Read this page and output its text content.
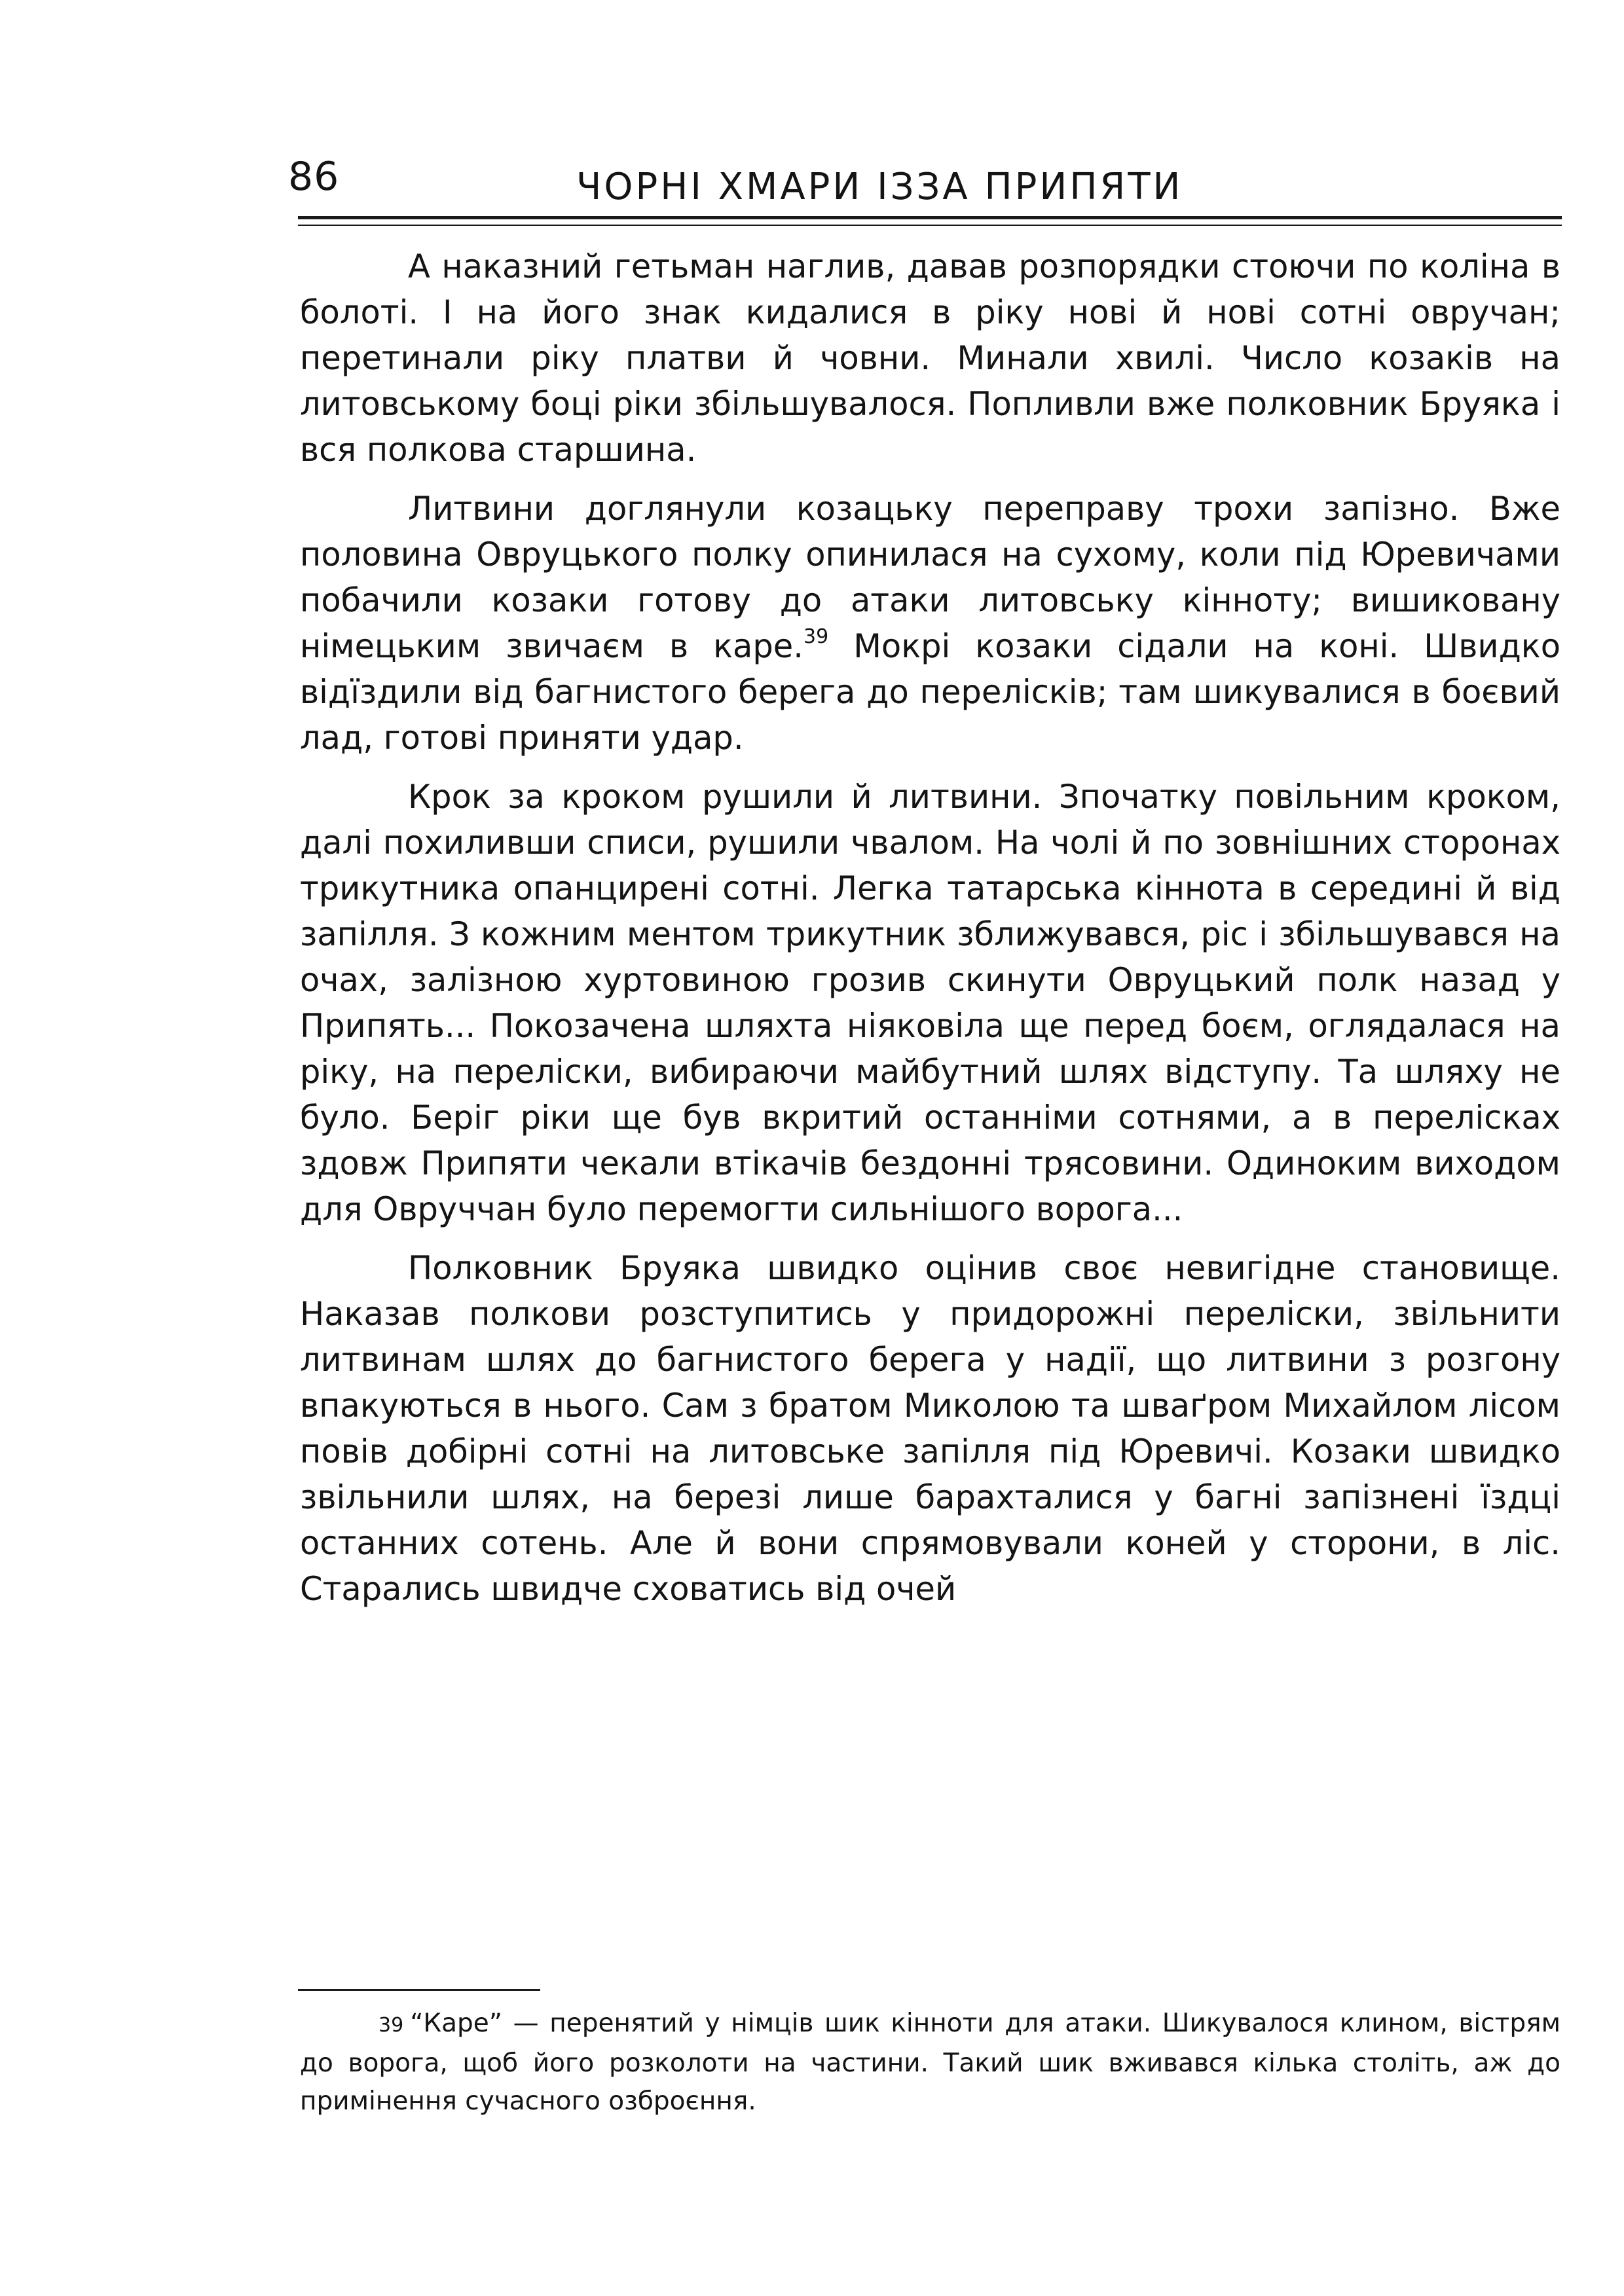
86	ЧОРНІ ХМАРИ ІЗЗА ПРИПЯТИ

А наказний гетьман наглив, давав розпорядки стоючи по коліна в болоті. І на його знак кидалися в ріку нові й нові сотні овручан; перетинали ріку платви й човни. Минали хвилі. Число козаків на литовському боці ріки збільшувалося. Попливли вже полковник Бруяка і вся полкова старшина.

Литвини доглянули козацьку переправу трохи запізно. Вже половина Овруцького полку опинилася на сухому, коли під Юревичами побачили козаки готову до атаки литовську кінноту; вишиковану німецьким звичаєм в каре.$^{39}$ Мокрі козаки сідали на коні. Швидко відїздили від багнистого берега до перелісків; там шикувалися в боєвий лад, готові приняти удар.

Крок за кроком рушили й литвини. Зпочатку повільним кроком, далі похиливши списи, рушили чвалом. На чолі й по зовнішних сторонах трикутника опанцирені сотні. Легка татарська кіннота в середині й від запілля. З кожним ментом трикутник зближувався, ріс і збільшувався на очах, залізною хуртовиною грозив скинути Овруцький полк назад у Припять... Покозачена шляхта ніяковіла ще перед боєм, оглядалася на ріку, на перелiски, вибираючи майбутний шлях відступу. Та шляху не було. Беріг ріки ще був вкритий останніми сотнями, а в перелісках здовж Припяти чекали втікачів бездонні трясовини. Одиноким виходом для Овруччан було перемогти сильнішого ворога...

Полковник Бруяка швидко оцінив своє невигідне становище. Наказав полкови розступитись у придорожні перелiски, звільнити литвинам шлях до багнистого берега у надії, що литвини з розгону впакуються в нього. Сам з братом Миколою та шваґром Михайлом лісом повів добірні сотні на литовське запілля під Юревичі. Козаки швидко звільнили шлях, на березі лише барахталися у багні запізнені їздці останних сотень. Але й вони спрямовували коней у сторони, в ліс. Старались швидче сховатись від очей

39 “Каре” — перенятий у німців шик кінноти для атаки. Шикувалося клином, вістрям до ворога, щоб його розколоти на частини. Такий шик вживався кілька століть, аж до примінення сучасного озброєння.
